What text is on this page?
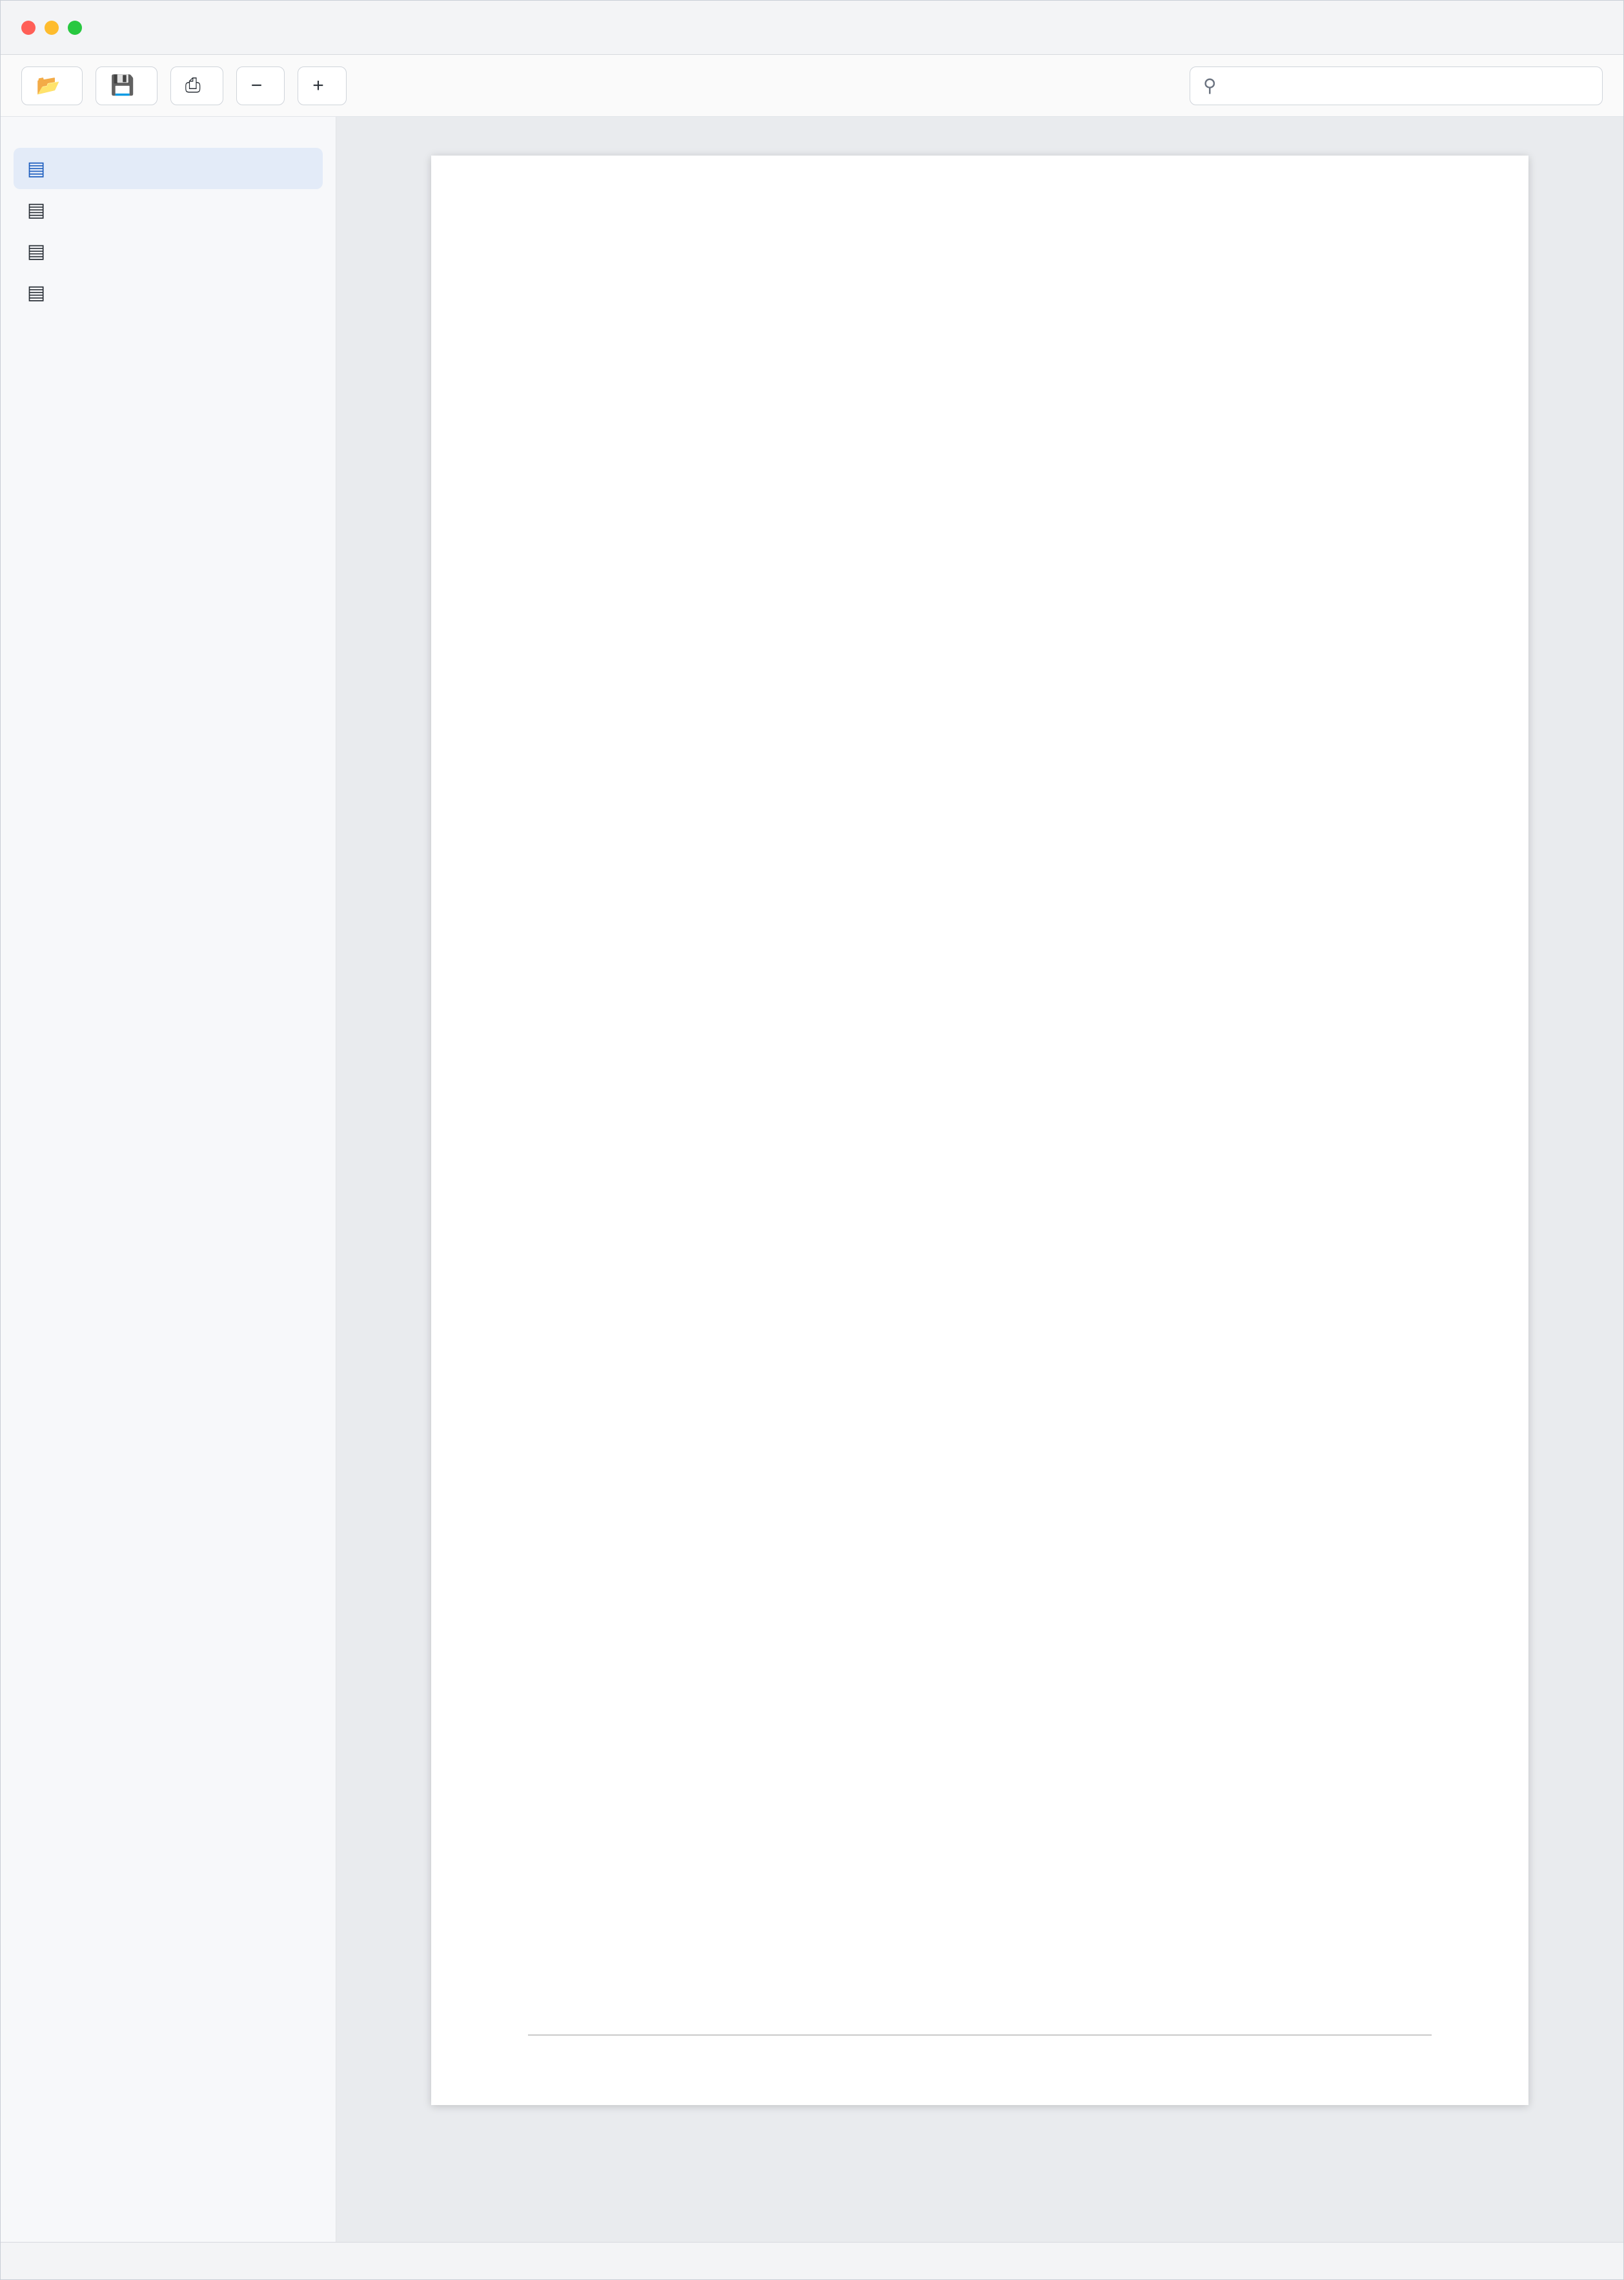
📂	💾	⎙	−	+	⚲
▤
▤
▤
▤
